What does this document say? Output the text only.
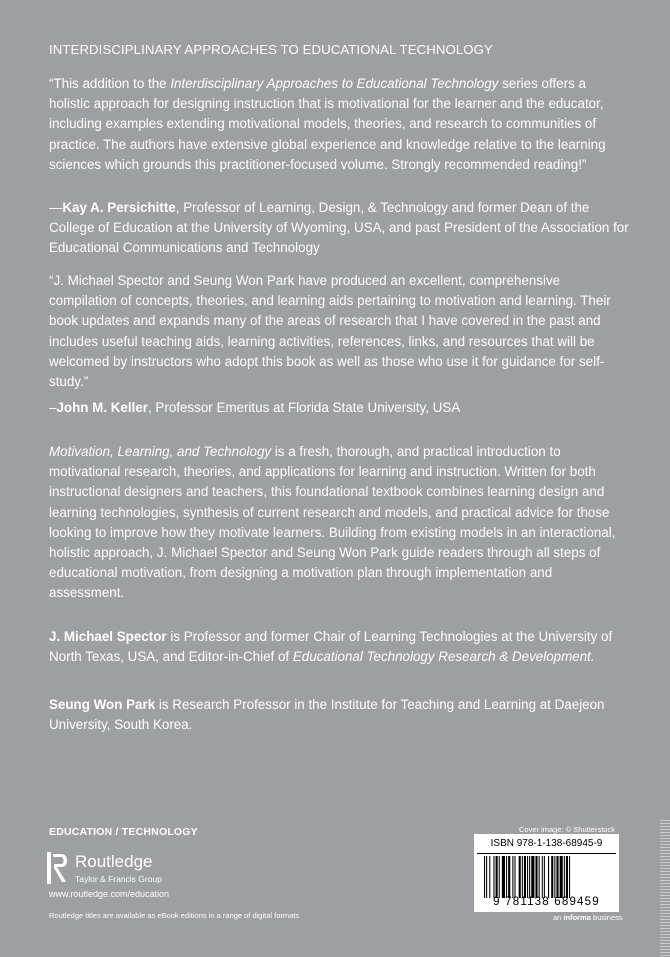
INTERDISCIPLINARY APPROACHES TO EDUCATIONAL TECHNOLOGY

“This addition to the Interdisciplinary Approaches to Educational Technology series offers a holistic approach for designing instruction that is motivational for the learner and the educator, including examples extending motivational models, theories, and research to communities of practice. The authors have extensive global experience and knowledge relative to the learning sciences which grounds this practitioner-focused volume. Strongly recommended reading!”

—Kay A. Persichitte, Professor of Learning, Design, & Technology and former Dean of the College of Education at the University of Wyoming, USA, and past President of the Association for Educational Communications and Technology

“J. Michael Spector and Seung Won Park have produced an excellent, comprehensive compilation of concepts, theories, and learning aids pertaining to motivation and learning. Their book updates and expands many of the areas of research that I have covered in the past and includes useful teaching aids, learning activities, references, links, and resources that will be welcomed by instructors who adopt this book as well as those who use it for guidance for self-study.”

–John M. Keller, Professor Emeritus at Florida State University, USA

Motivation, Learning, and Technology is a fresh, thorough, and practical introduction to motivational research, theories, and applications for learning and instruction. Written for both instructional designers and teachers, this foundational textbook combines learning design and learning technologies, synthesis of current research and models, and practical advice for those looking to improve how they motivate learners. Building from existing models in an interactional, holistic approach, J. Michael Spector and Seung Won Park guide readers through all steps of educational motivation, from designing a motivation plan through implementation and assessment.

J. Michael Spector is Professor and former Chair of Learning Technologies at the University of North Texas, USA, and Editor-in-Chief of Educational Technology Research & Development.

Seung Won Park is Research Professor in the Institute for Teaching and Learning at Daejeon University, South Korea.

EDUCATION / TECHNOLOGY
Routledge
Taylor & Francis Group
www.routledge.com/education
Routledge titles are available as eBook editions in a range of digital formats
Cover image: © Shutterstock
ISBN 978-1-138-68945-9
9 781138 689459
an informa business
